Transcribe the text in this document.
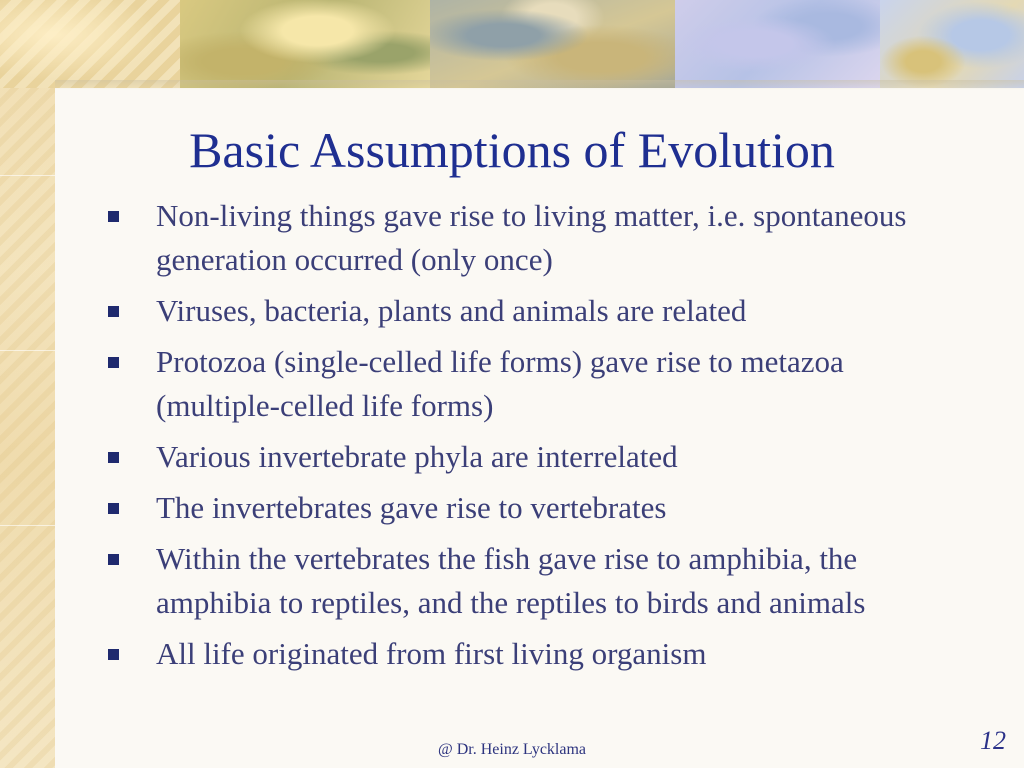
Basic Assumptions of Evolution
Non-living things gave rise to living matter, i.e. spontaneous generation occurred (only once)
Viruses, bacteria, plants and animals are related
Protozoa (single-celled life forms) gave rise to metazoa (multiple-celled life forms)
Various invertebrate phyla are interrelated
The invertebrates gave rise to vertebrates
Within the vertebrates the fish gave rise to amphibia, the amphibia to reptiles, and the reptiles to birds and animals
All life originated from first living organism
@ Dr. Heinz Lycklama	12
